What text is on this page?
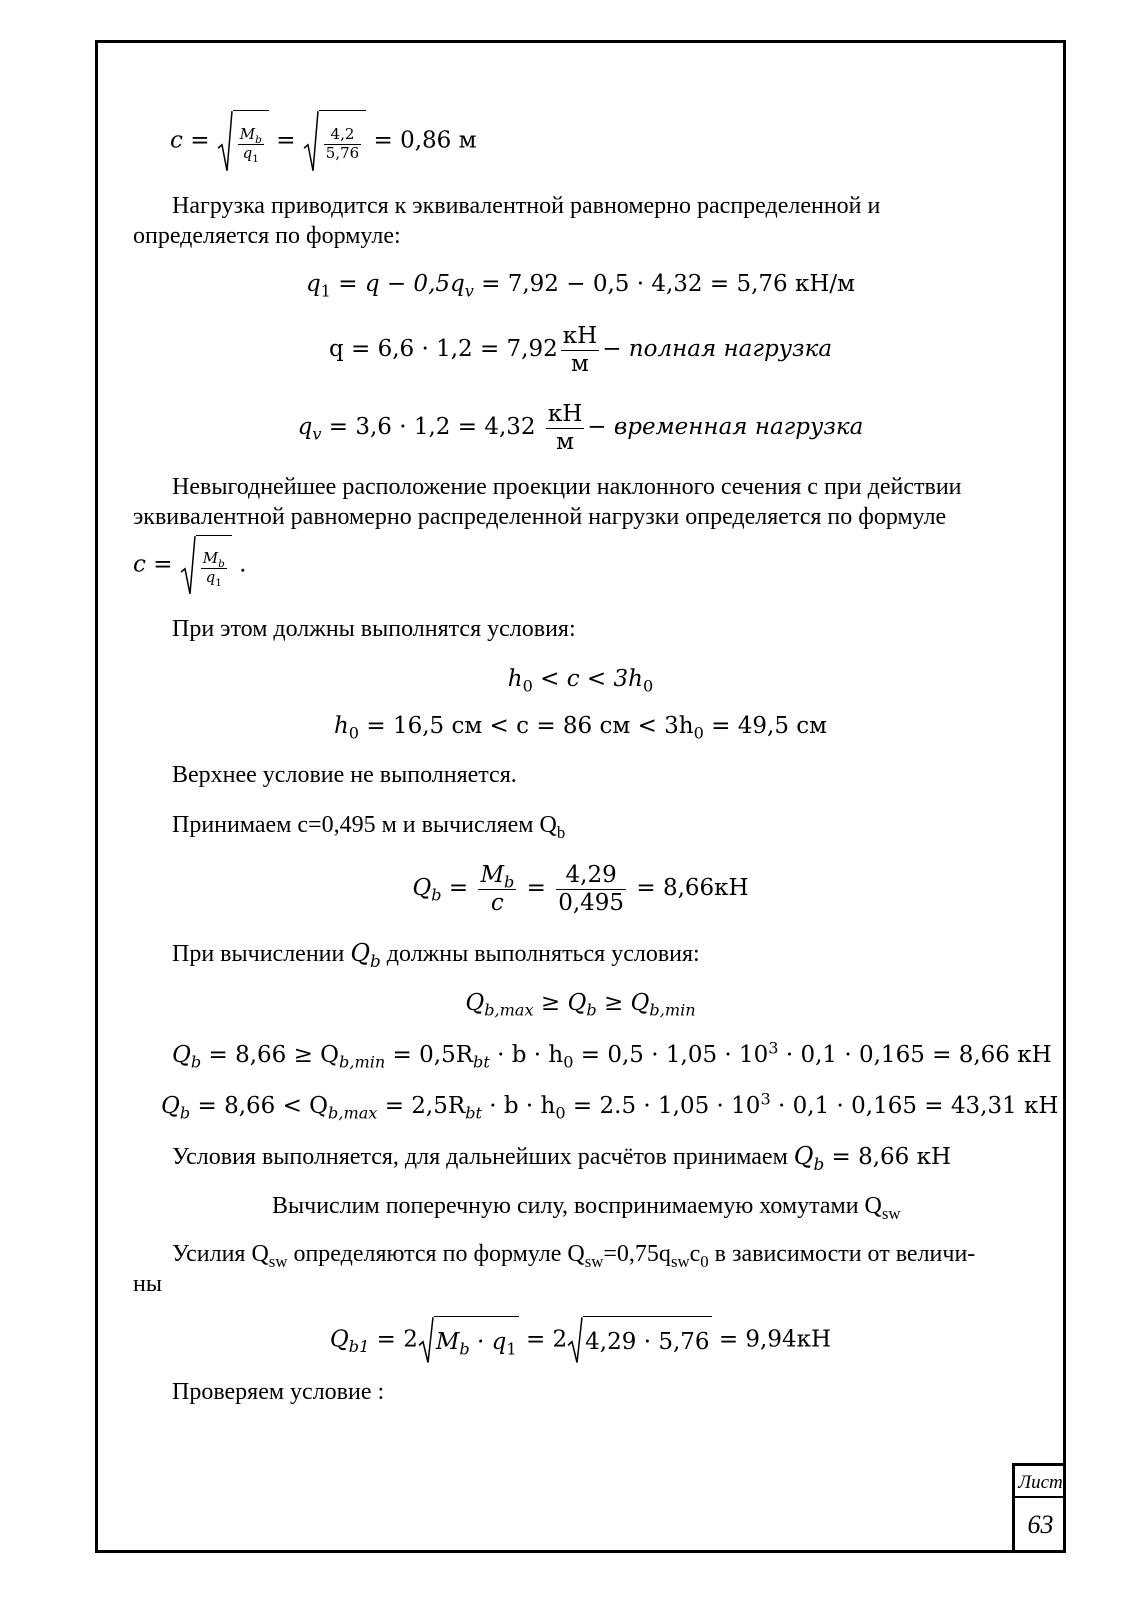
$c = \frac{M_b}{q_1} = \frac{4,2}{5,76} = 0,86$ м
Нагрузка приводится к эквивалентной равномерно распределенной и
определяется по формуле:
$q_1 = q - 0,5q_v = 7,92 - 0,5 \cdot 4,32 = 5,76$ кН/м
q = 6,6 · 1,2 = 7,92 кН
м
− полная нагрузка
$q_v = 3,6 \cdot 1,2 = 4,32$ кН
м
− временная нагрузка
Невыгоднейшее расположение проекции наклонного сечения c при действии
эквивалентной равномерно распределенной нагрузки определяется по формуле
$c = \frac{M_b}{q_1}$ .
При этом должны выполнятся условия:
$h_0 < c < 3h_0$
$h_0 = 16,5$ см < с = 86 см < $3h_0 = 49,5$ см
Верхнее условие не выполняется.
Принимаем с=0,495 м и вычисляем $Q_b$
$Q_b = \frac{M_b}{c} = \frac{4,29}{0,495} = 8,66кН$
При вычислении $Q_b$ должны выполняться условия:
$Q_{b,max} \ge Q_b \ge Q_{b,min}$
$Q_b = 8,66 \ge Q_{b,min} = 0,5R_{bt} \cdot b \cdot h_0 = 0,5 \cdot 1,05 \cdot 10^3 \cdot 0,1 \cdot 0,165 = 8,66$ кН
$Q_b = 8,66 < Q_{b,max} = 2,5R_{bt} \cdot b \cdot h_0 = 2.5 \cdot 1,05 \cdot 10^3 \cdot 0,1 \cdot 0,165 = 43,31$ кН
Условия выполняется, для дальнейших расчётов принимаем $Q_b = 8,66$ кН
Вычислим поперечную силу, воспринимаемую хомутами $Q_{sw}$
Усилия $Q_{sw}$ определяются по формуле $Q_{sw}=0,75q_{sw}c_0$ в зависимости от величи-
ны
$Q_{b1} = 2$ $M_b \cdot q_1 = 2$ 4,29 · 5,76 = 9,94кН
Проверяем условие :
Лист
63
